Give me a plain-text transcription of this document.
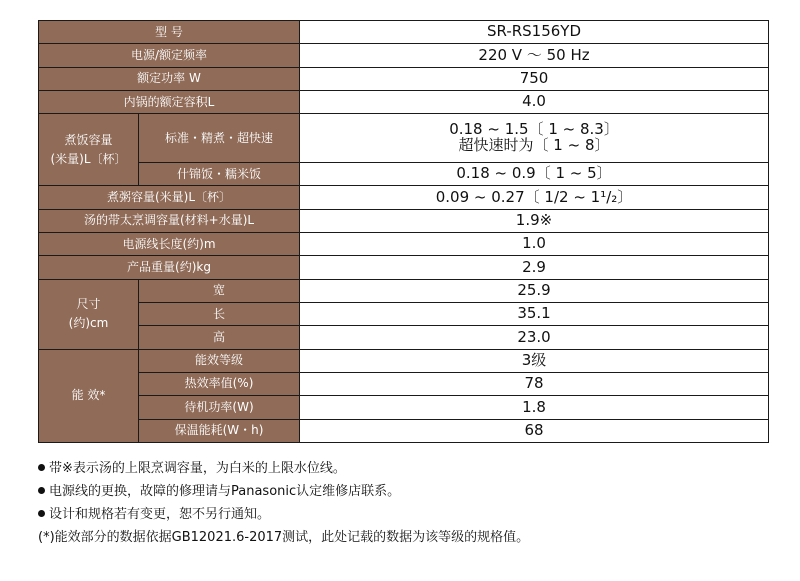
型 号		SR-RS156YD
电源/额定频率		220 V ～ 50 Hz
额定功率 W		750
内锅的额定容积L		4.0

煮饭容量
(米量)L〔杯〕	标准・精煮・超快速	0.18 ~ 1.5〔 1 ~ 8.3〕
超快速时为〔 1 ~ 8〕

	什锦饭・糯米饭	0.18 ~ 0.9〔 1 ~ 5〕
煮粥容量(米量)L〔杯〕		0.09 ~ 0.27〔 1/2 ~ 1¹/₂〕
汤的带太烹调容量(材料+水量)L		1.9※
电源线长度(约)m		1.0
产品重量(约)kg		2.9

尺寸
(约)cm	宽	25.9
	长	35.1
	高	23.0
能 效*	能效等级	3级
	热效率值(%)	78
	待机功率(W)	1.8
	保温能耗(W・h)	68
带※表示汤的上限烹调容量，为白米的上限水位线。
电源线的更换，故障的修理请与Panasonic认定维修店联系。
设计和规格若有变更，恕不另行通知。
(*)能效部分的数据依据GB12021.6-2017测试，此处记载的数据为该等级的规格值。
